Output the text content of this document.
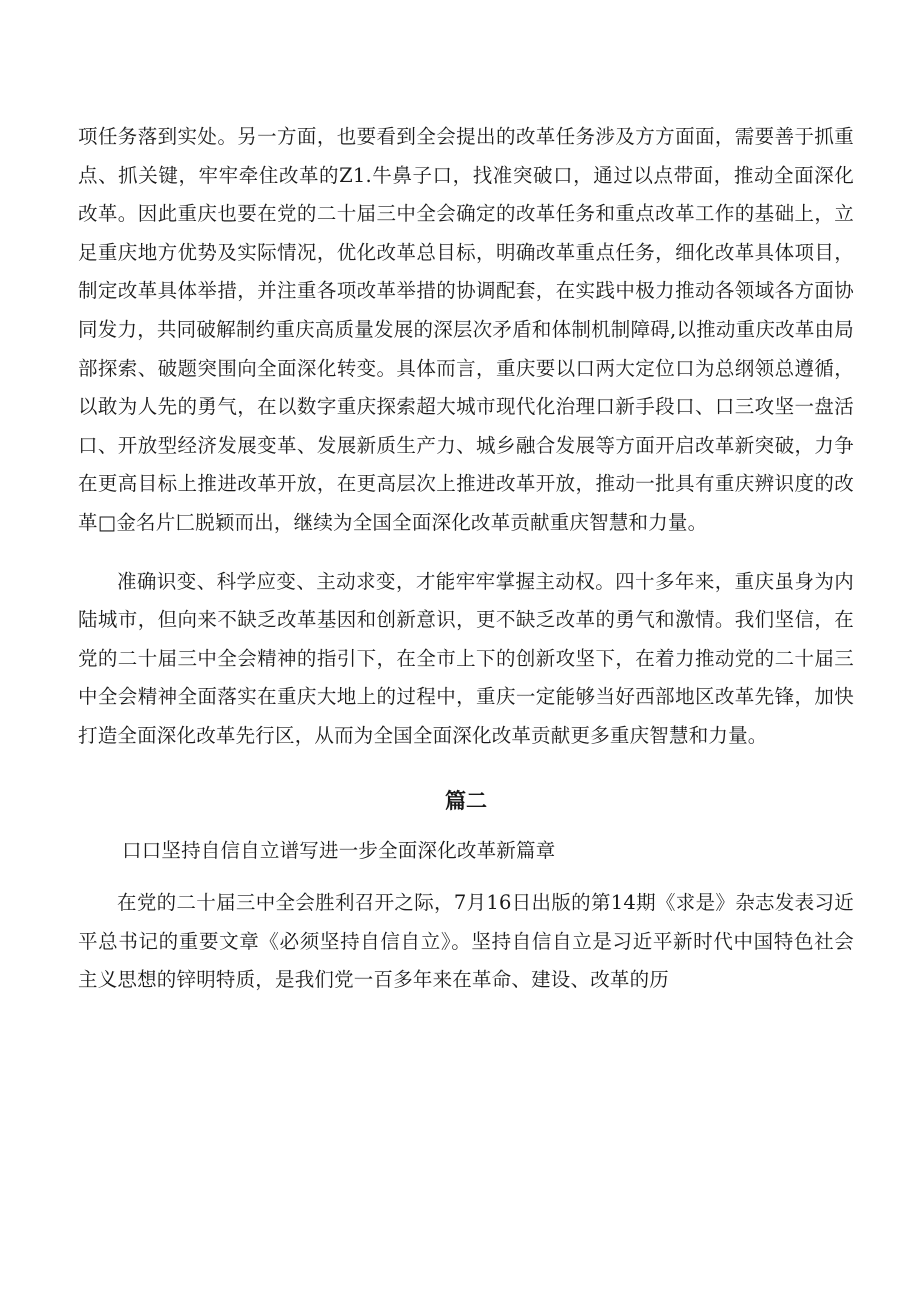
项任务落到实处。另一方面，也要看到全会提出的改革任务涉及方方面面，需要善于抓重点、抓关键，牢牢牵住改革的Z1.牛鼻子口，找准突破口，通过以点带面，推动全面深化改革。因此重庆也要在党的二十届三中全会确定的改革任务和重点改革工作的基础上，立足重庆地方优势及实际情况，优化改革总目标，明确改革重点任务，细化改革具体项目，制定改革具体举措，并注重各项改革举措的协调配套，在实践中极力推动各领域各方面协同发力，共同破解制约重庆高质量发展的深层次矛盾和体制机制障碍,以推动重庆改革由局部探索、破题突围向全面深化转变。具体而言，重庆要以口两大定位口为总纲领总遵循，以敢为人先的勇气，在以数字重庆探索超大城市现代化治理口新手段口、口三攻坚一盘活口、开放型经济发展变革、发展新质生产力、城乡融合发展等方面开启改革新突破，力争在更高目标上推进改革开放，在更高层次上推进改革开放，推动一批具有重庆辨识度的改革□金名片匚脱颖而出，继续为全国全面深化改革贡献重庆智慧和力量。

准确识变、科学应变、主动求变，才能牢牢掌握主动权。四十多年来，重庆虽身为内陆城市，但向来不缺乏改革基因和创新意识，更不缺乏改革的勇气和激情。我们坚信，在党的二十届三中全会精神的指引下，在全市上下的创新攻坚下，在着力推动党的二十届三中全会精神全面落实在重庆大地上的过程中，重庆一定能够当好西部地区改革先锋，加快打造全面深化改革先行区，从而为全国全面深化改革贡献更多重庆智慧和力量。

篇二

口口坚持自信自立谱写进一步全面深化改革新篇章

在党的二十届三中全会胜利召开之际，7月16日出版的第14期《求是》杂志发表习近平总书记的重要文章《必须坚持自信自立》。坚持自信自立是习近平新时代中国特色社会主义思想的锌明特质，是我们党一百多年来在革命、建设、改革的历
